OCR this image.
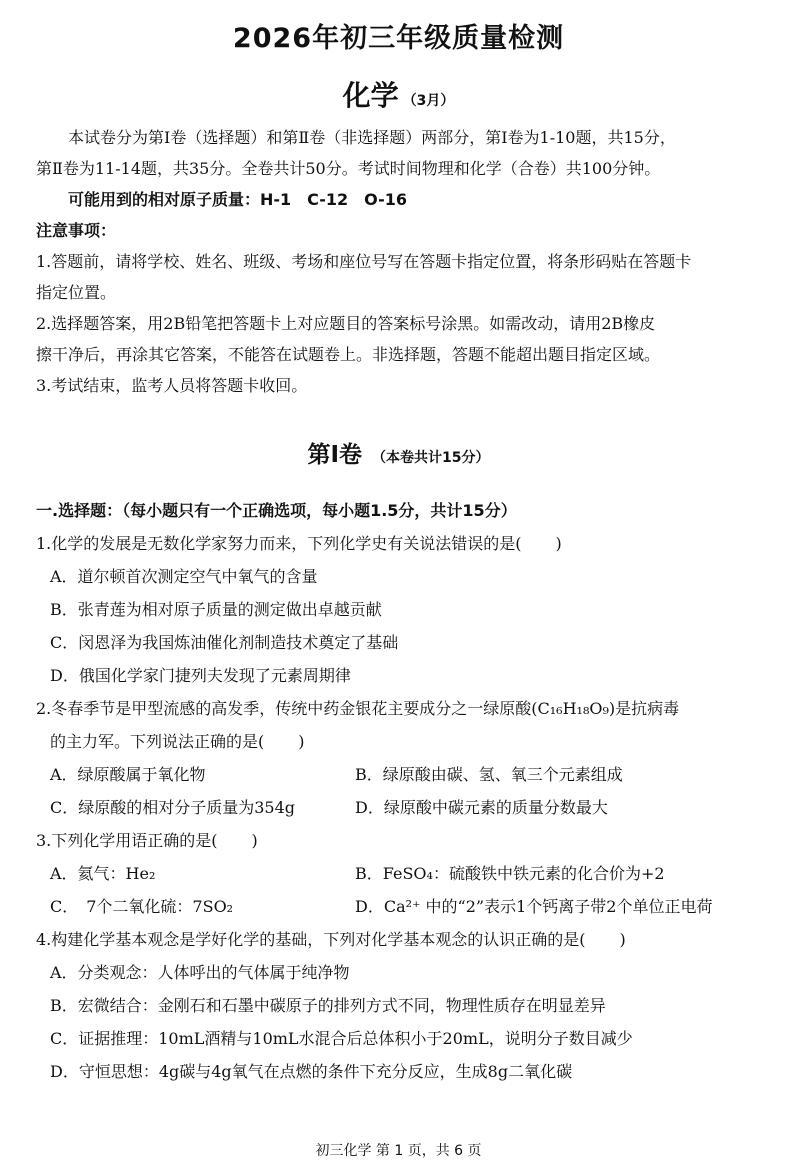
2026年初三年级质量检测
化学 （3月）
本试卷分为第Ⅰ卷（选择题）和第Ⅱ卷（非选择题）两部分，第Ⅰ卷为1-10题，共15分，
第Ⅱ卷为11-14题，共35分。全卷共计50分。考试时间物理和化学（合卷）共100分钟。
可能用到的相对原子质量：H-1　C-12　O-16
注意事项：
1.答题前，请将学校、姓名、班级、考场和座位号写在答题卡指定位置，将条形码贴在答题卡
指定位置。
2.选择题答案，用2B铅笔把答题卡上对应题目的答案标号涂黑。如需改动，请用2B橡皮
擦干净后，再涂其它答案，不能答在试题卷上。非选择题，答题不能超出题目指定区域。
3.考试结束，监考人员将答题卡收回。
第Ⅰ卷 （本卷共计15分）
一.选择题：（每小题只有一个正确选项，每小题1.5分，共计15分）
1.化学的发展是无数化学家努力而来，下列化学史有关说法错误的是( )
A．道尔顿首次测定空气中氧气的含量
B．张青莲为相对原子质量的测定做出卓越贡献
C．闵恩泽为我国炼油催化剂制造技术奠定了基础
D．俄国化学家门捷列夫发现了元素周期律
2.冬春季节是甲型流感的高发季，传统中药金银花主要成分之一绿原酸(C₁₆H₁₈O₉)是抗病毒
的主力军。下列说法正确的是( )
A．绿原酸属于氧化物	B．绿原酸由碳、氢、氧三个元素组成
C．绿原酸的相对分子质量为354g	D．绿原酸中碳元素的质量分数最大
3.下列化学用语正确的是( )
A．氦气：He₂	B．FeSO₄：硫酸铁中铁元素的化合价为+2
C．　7个二氧化硫：7SO₂	D．Ca²⁺ 中的“2”表示1个钙离子带2个单位正电荷
4.构建化学基本观念是学好化学的基础，下列对化学基本观念的认识正确的是( )
A．分类观念：人体呼出的气体属于纯净物
B．宏微结合：金刚石和石墨中碳原子的排列方式不同，物理性质存在明显差异
C．证据推理：10mL酒精与10mL水混合后总体积小于20mL，说明分子数目减少
D．守恒思想：4g碳与4g氧气在点燃的条件下充分反应，生成8g二氧化碳
初三化学 第 1 页，共 6 页
